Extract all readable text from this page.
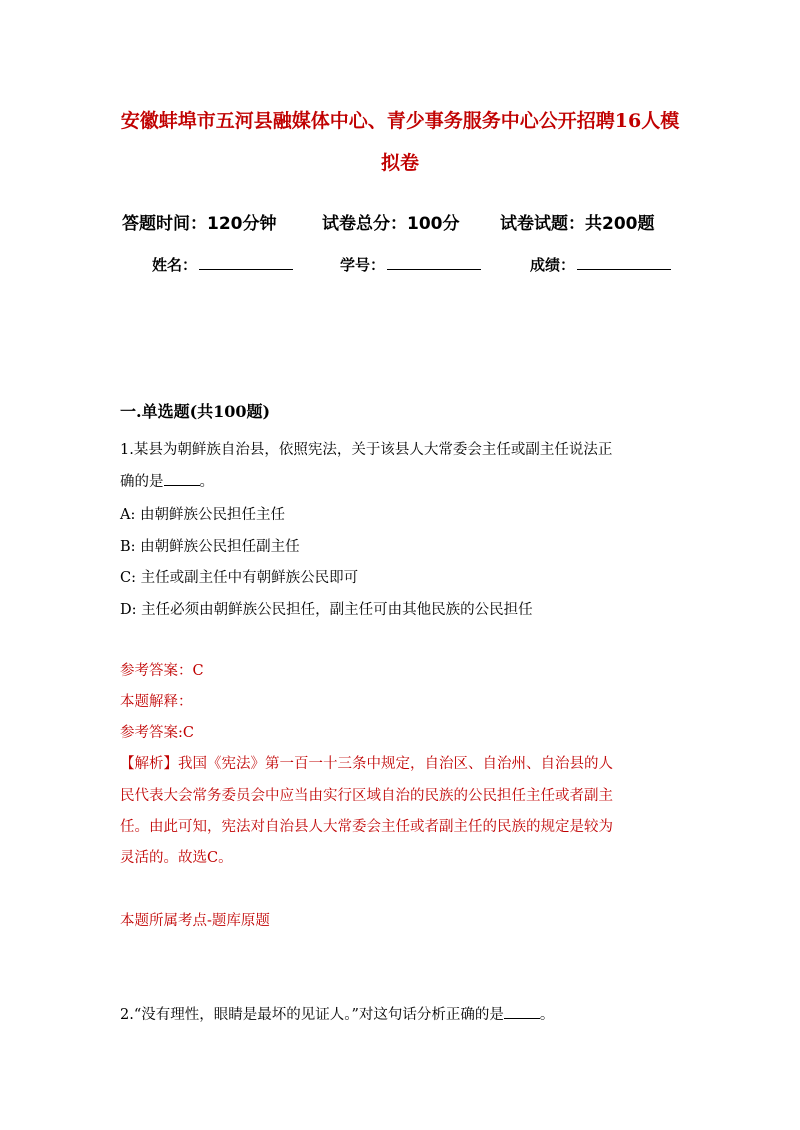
安徽蚌埠市五河县融媒体中心、青少事务服务中心公开招聘16人模
拟卷
答题时间：120分钟	试卷总分：100分 试卷试题：共200题
姓名：	学号：	成绩：
一.单选题(共100题)
1.某县为朝鲜族自治县，依照宪法，关于该县人大常委会主任或副主任说法正
确的是 。
A: 由朝鲜族公民担任主任
B: 由朝鲜族公民担任副主任
C: 主任或副主任中有朝鲜族公民即可
D: 主任必须由朝鲜族公民担任，副主任可由其他民族的公民担任
参考答案：C
本题解释：
参考答案:C
【解析】我国《宪法》第一百一十三条中规定，自治区、自治州、自治县的人
民代表大会常务委员会中应当由实行区域自治的民族的公民担任主任或者副主
任。由此可知，宪法对自治县人大常委会主任或者副主任的民族的规定是较为
灵活的。故选C。
本题所属考点-题库原题
2.“没有理性，眼睛是最坏的见证人。”对这句话分析正确的是 。
